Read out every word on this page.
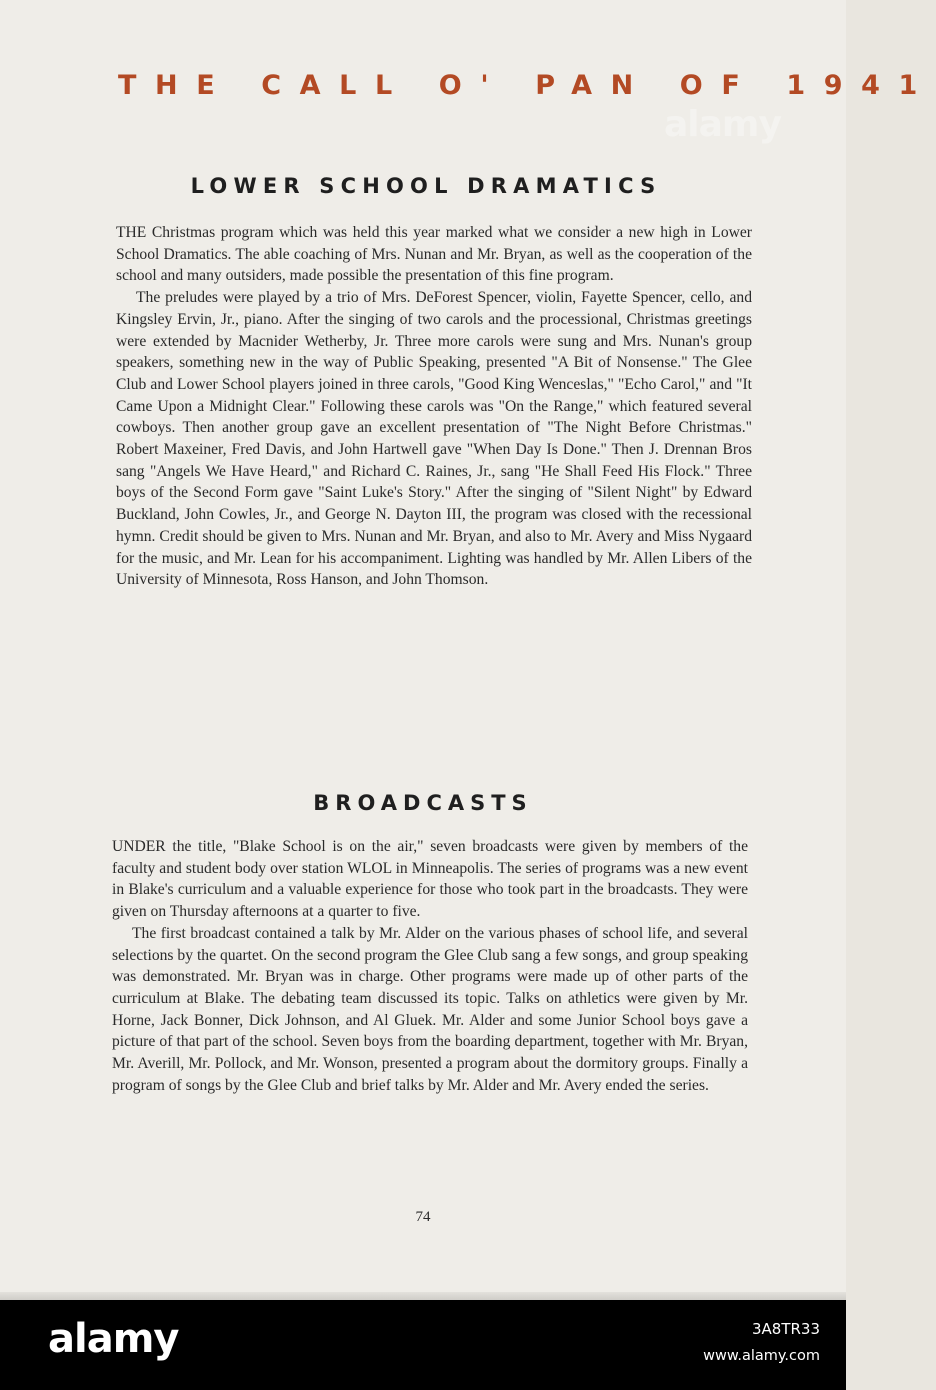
THE CALL O' PAN OF 1941
alamy
LOWER SCHOOL DRAMATICS

THE Christmas program which was held this year marked what we consider a new high in Lower School Dramatics. The able coaching of Mrs. Nunan and Mr. Bryan, as well as the cooperation of the school and many outsiders, made possible the presentation of this fine program.

The preludes were played by a trio of Mrs. DeForest Spencer, violin, Fayette Spencer, cello, and Kingsley Ervin, Jr., piano. After the singing of two carols and the processional, Christmas greetings were extended by Macnider Wetherby, Jr. Three more carols were sung and Mrs. Nunan's group speakers, something new in the way of Public Speaking, presented "A Bit of Nonsense." The Glee Club and Lower School players joined in three carols, "Good King Wenceslas," "Echo Carol," and "It Came Upon a Midnight Clear." Following these carols was "On the Range," which featured several cowboys. Then another group gave an excellent presentation of "The Night Before Christmas." Robert Maxeiner, Fred Davis, and John Hartwell gave "When Day Is Done." Then J. Drennan Bros sang "Angels We Have Heard," and Richard C. Raines, Jr., sang "He Shall Feed His Flock." Three boys of the Second Form gave "Saint Luke's Story." After the singing of "Silent Night" by Edward Buckland, John Cowles, Jr., and George N. Dayton III, the program was closed with the recessional hymn. Credit should be given to Mrs. Nunan and Mr. Bryan, and also to Mr. Avery and Miss Nygaard for the music, and Mr. Lean for his accompaniment. Lighting was handled by Mr. Allen Libers of the University of Minnesota, Ross Hanson, and John Thomson.

BROADCASTS

UNDER the title, "Blake School is on the air," seven broadcasts were given by members of the faculty and student body over station WLOL in Minneapolis. The series of programs was a new event in Blake's curriculum and a valuable experience for those who took part in the broadcasts. They were given on Thursday afternoons at a quarter to five.

The first broadcast contained a talk by Mr. Alder on the various phases of school life, and several selections by the quartet. On the second program the Glee Club sang a few songs, and group speaking was demonstrated. Mr. Bryan was in charge. Other programs were made up of other parts of the curriculum at Blake. The debating team discussed its topic. Talks on athletics were given by Mr. Horne, Jack Bonner, Dick Johnson, and Al Gluek. Mr. Alder and some Junior School boys gave a picture of that part of the school. Seven boys from the boarding department, together with Mr. Bryan, Mr. Averill, Mr. Pollock, and Mr. Wonson, presented a program about the dormitory groups. Finally a program of songs by the Glee Club and brief talks by Mr. Alder and Mr. Avery ended the series.

74
alamy	3A8TR33
www.alamy.com
